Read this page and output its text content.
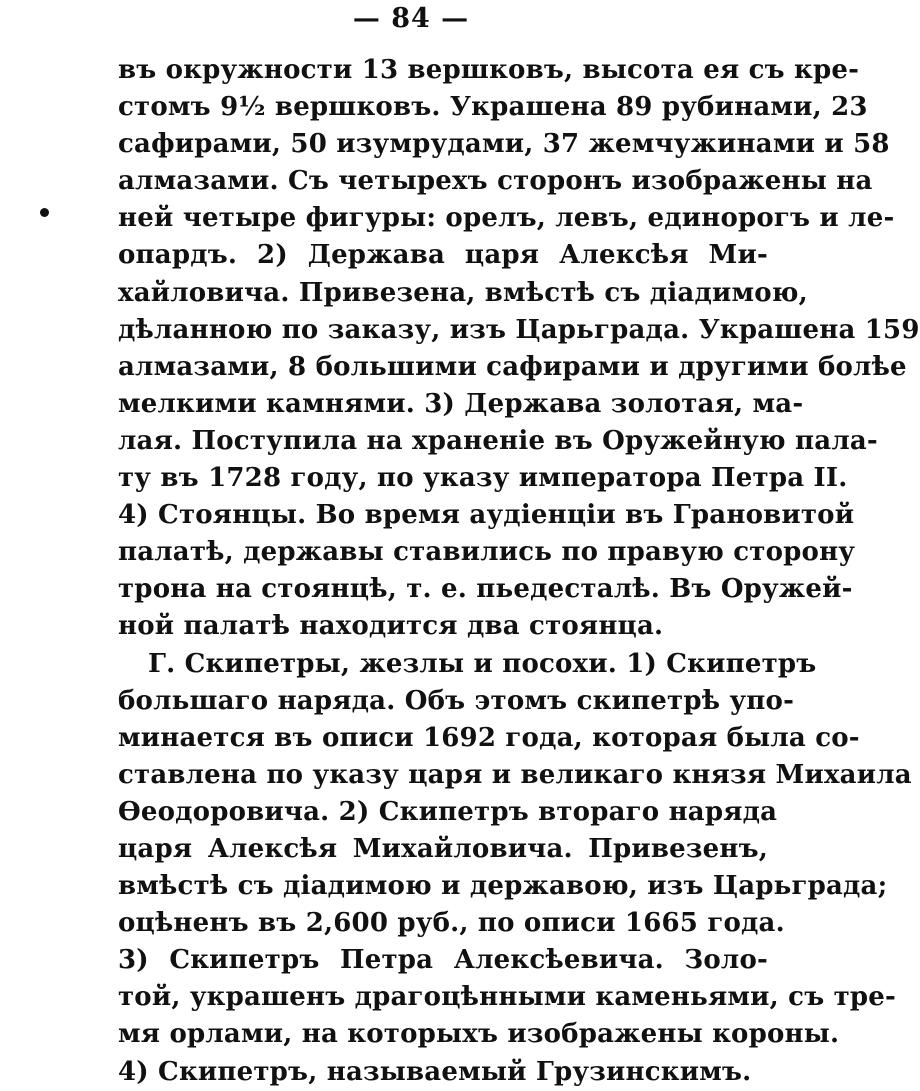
— 84 —
въ окружности 13 вершковъ, высота ея съ кре-
стомъ 9½ вершковъ. Украшена 89 рубинами, 23
сафирами, 50 изумрудами, 37 жемчужинами и 58
алмазами. Съ четырехъ сторонъ изображены на
ней четыре фигуры: орелъ, левъ, единорогъ и ле-
опардъ. 2) Держава царя Алексѣя Ми-
хайловича. Привезена, вмѣстѣ съ діадимою,
дѣланною по заказу, изъ Царьграда. Украшена 159
алмазами, 8 большими сафирами и другими болѣе
мелкими камнями. 3) Держава золотая, ма-
лая. Поступила на храненіе въ Оружейную пала-
ту въ 1728 году, по указу императора Петра II.
4) Стоянцы. Во время аудіенціи въ Грановитой
палатѣ, державы ставились по правую сторону
трона на стоянцѣ, т. е. пьедесталѣ. Въ Оружей-
ной палатѣ находится два стоянца.
Г. Скипетры, жезлы и посохи. 1) Скипетръ
большаго наряда. Объ этомъ скипетрѣ упо-
минается въ описи 1692 года, которая была со-
ставлена по указу царя и великаго князя Михаила
Ѳеодоровича. 2) Скипетръ втораго наряда
царя Алексѣя Михайловича. Привезенъ,
вмѣстѣ съ діадимою и державою, изъ Царьграда;
оцѣненъ въ 2,600 руб., по описи 1665 года.
3) Скипетръ Петра Алексѣевича. Золо-
той, украшенъ драгоцѣнными каменьями, съ тре-
мя орлами, на которыхъ изображены короны.
4) Скипетръ, называемый Грузинскимъ.
